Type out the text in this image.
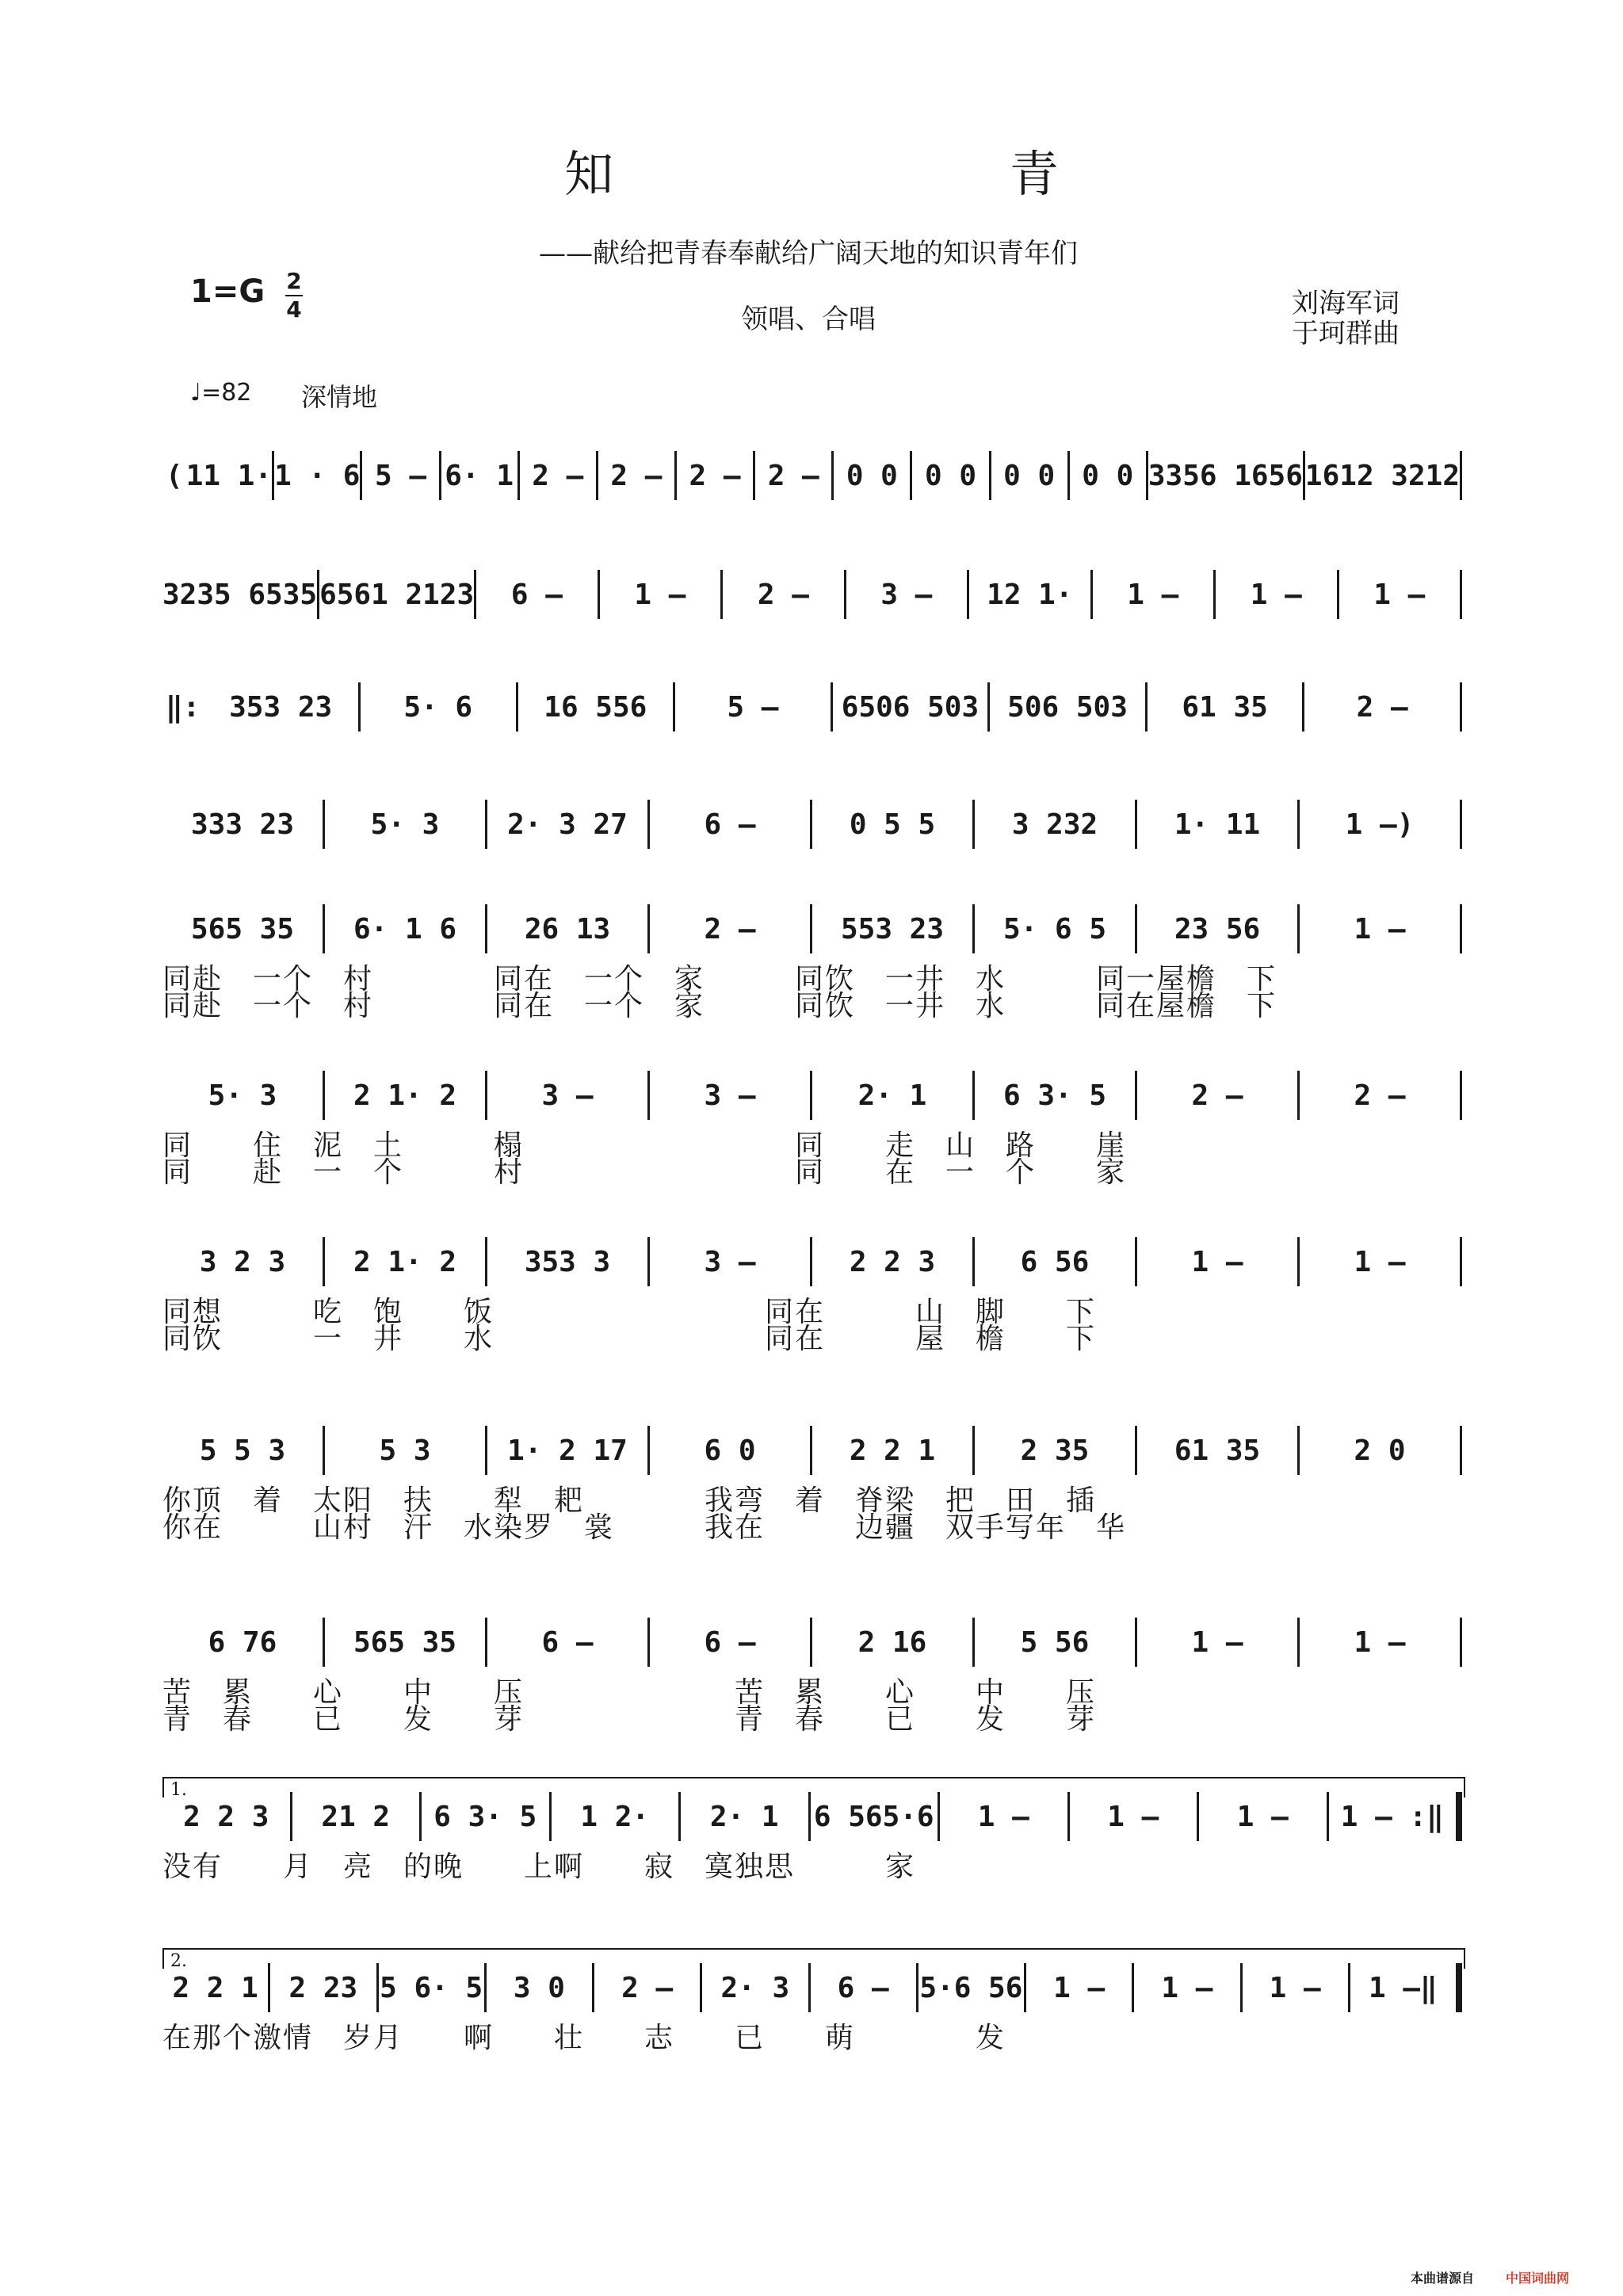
知 青
——献给把青春奉献给广阔天地的知识青年们
1=G 2
4	领唱、合唱	刘海军词
于珂群曲
♩=82 深情地
( 11 1· 1 · 6 5 – 6· 1 2 – 2 – 2 – 2 – 0 0 0 0 0 0 0 0 3356 1656 1612 3212
3235 6535 6561 2123	6 –	1 –	2 –	3 –	12 1·	1 –	1 –	1 –
‖:	353 23	5· 6	16 556	5 –	6506 503	506 503	61 35	2 –
333 23	5· 3	2· 3 27	6 –	0 5 5	3 232	1· 11	1 –)
565 35	6· 1 6	26 13	2 –	553 23	5· 6 5	23 56	1 –
同赴　一个　村　　　　同在　一个　家　　　同饮　一井　水　　　同一屋檐　下
同赴　一个　村　　　　同在　一个　家　　　同饮　一井　水　　　同在屋檐　下
5· 3	2 1· 2	3 –	3 –	2· 1	6 3· 5	2 –	2 –
同　　住　泥　土　　　榻　　　　　　　　　同　　走　山　路　　崖
同　　赴　一　个　　　村　　　　　　　　　同　　在　一　个　　家
3 2 3	2 1· 2	353 3	3 –	2 2 3	6 56	1 –	1 –
同想　　　吃　饱　　饭　　　　　　　　　同在　　　山　脚　　下
同饮　　　一　井　　水　　　　　　　　　同在　　　屋　檐　　下
5 5 3	5 3	1· 2 17	6 0	2 2 1	2 35	61 35	2 0
你顶　着　太阳　扶　　犁　耙　　　　我弯　着　脊梁　把　田　插
你在　　　山村　汗　水染罗　裳　　　我在　　　边疆　双手写年　华
6 76	565 35	6 –	6 –	2 16	5 56	1 –	1 –
苦　累　　心　　中　　压　　　　　　　苦　累　　心　　中　　压
青　春　　已　　发　　芽　　　　　　　青　春　　已　　发　　芽
1.
2 2 3	21 2	6 3· 5	1 2·	2· 1	6 565·6	1 –	1 –	1 –	1 – :‖
没有　　月　亮　的晚　　上啊　　寂　寞独思　　　家
2.
2 2 1	2 23 5 6· 5	3 0	2 –	2· 3	6 –	5·6 56	1 –	1 –	1 –	1 –‖
在那个激情　岁月　　啊　　壮　　志　　已　　萌　　　　发
本曲谱源自 中国词曲网
